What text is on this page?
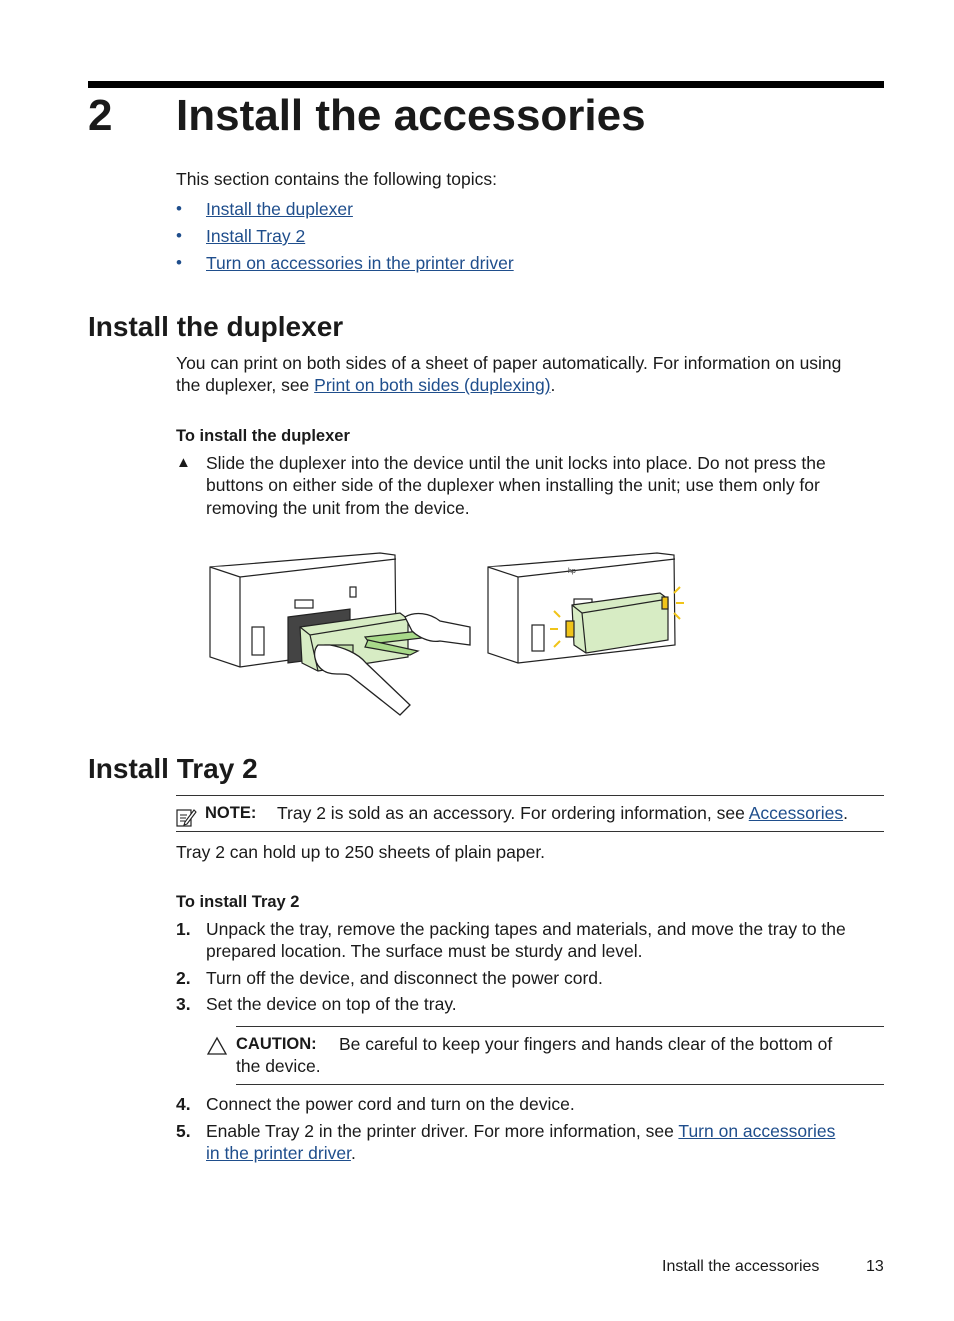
2 Install the accessories
This section contains the following topics:
• Install the duplexer
• Install Tray 2
• Turn on accessories in the printer driver
Install the duplexer
You can print on both sides of a sheet of paper automatically. For information on using
the duplexer, see Print on both sides (duplexing).
To install the duplexer
▲ Slide the duplexer into the device until the unit locks into place. Do not press the
buttons on either side of the duplexer when installing the unit; use them only for
removing the unit from the device.
hp
Install Tray 2
NOTE: Tray 2 is sold as an accessory. For ordering information, see Accessories.
Tray 2 can hold up to 250 sheets of plain paper.
To install Tray 2
1. Unpack the tray, remove the packing tapes and materials, and move the tray to the
prepared location. The surface must be sturdy and level.
2. Turn off the device, and disconnect the power cord.
3. Set the device on top of the tray.
CAUTION: Be careful to keep your fingers and hands clear of the bottom of
the device.
4. Connect the power cord and turn on the device.
5. Enable Tray 2 in the printer driver. For more information, see Turn on accessories
in the printer driver.
Install the accessories	13
